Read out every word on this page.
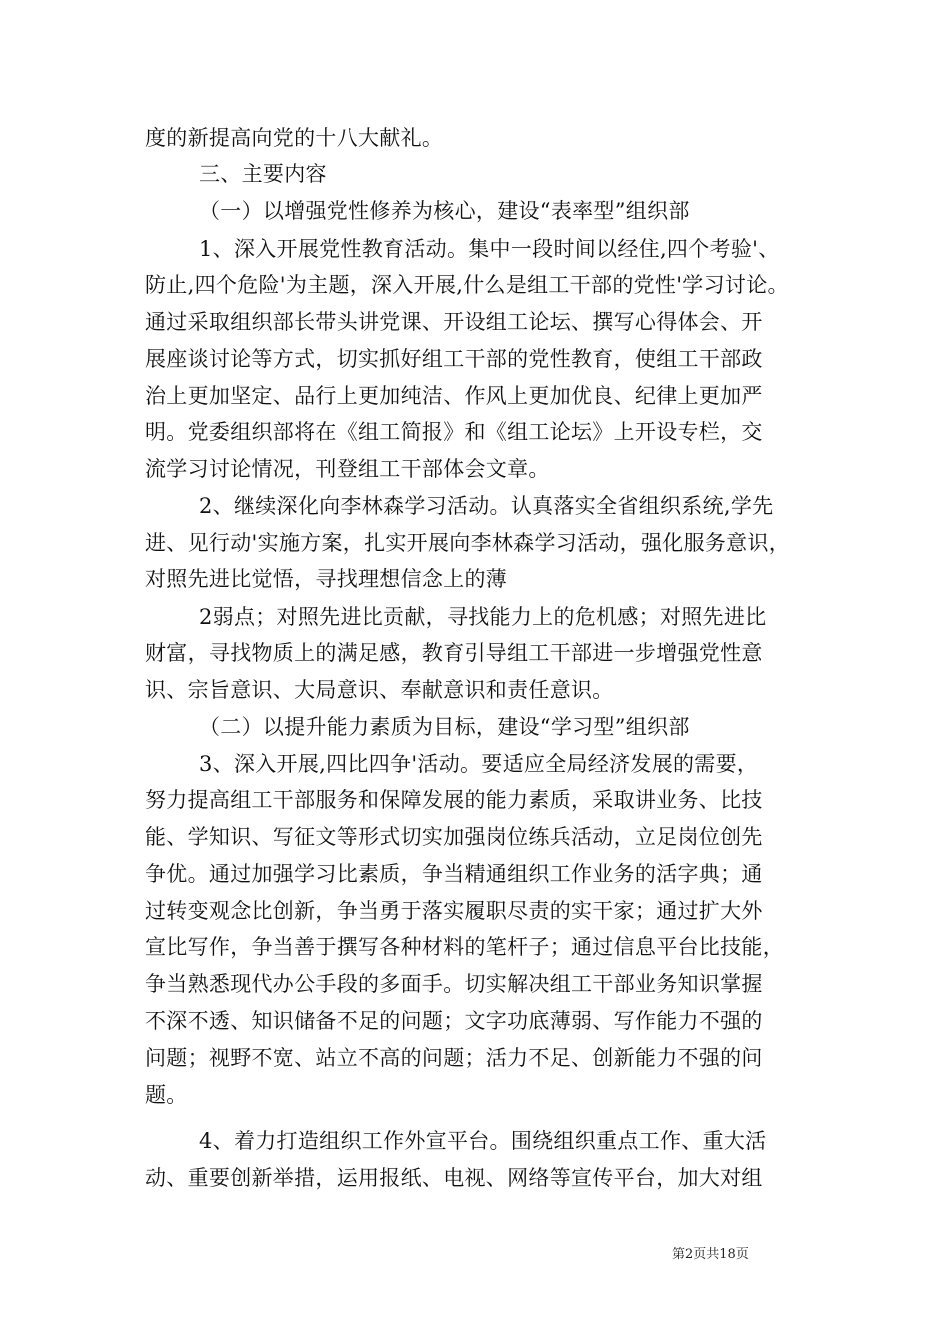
度的新提高向党的十八大献礼。
三、主要内容
（一）以增强党性修养为核心，建设“表率型”组织部
1、深入开展党性教育活动。集中一段时间以经住,四个考验'、
防止,四个危险'为主题，深入开展,什么是组工干部的党性'学习讨论。
通过采取组织部长带头讲党课、开设组工论坛、撰写心得体会、开
展座谈讨论等方式，切实抓好组工干部的党性教育，使组工干部政
治上更加坚定、品行上更加纯洁、作风上更加优良、纪律上更加严
明。党委组织部将在《组工简报》和《组工论坛》上开设专栏，交
流学习讨论情况，刊登组工干部体会文章。
2、继续深化向李林森学习活动。认真落实全省组织系统,学先
进、见行动'实施方案，扎实开展向李林森学习活动，强化服务意识，
对照先进比觉悟，寻找理想信念上的薄
2弱点；对照先进比贡献，寻找能力上的危机感；对照先进比
财富，寻找物质上的满足感，教育引导组工干部进一步增强党性意
识、宗旨意识、大局意识、奉献意识和责任意识。
（二）以提升能力素质为目标，建设“学习型”组织部
3、深入开展,四比四争'活动。要适应全局经济发展的需要，
努力提高组工干部服务和保障发展的能力素质，采取讲业务、比技
能、学知识、写征文等形式切实加强岗位练兵活动，立足岗位创先
争优。通过加强学习比素质，争当精通组织工作业务的活字典；通
过转变观念比创新，争当勇于落实履职尽责的实干家；通过扩大外
宣比写作，争当善于撰写各种材料的笔杆子；通过信息平台比技能，
争当熟悉现代办公手段的多面手。切实解决组工干部业务知识掌握
不深不透、知识储备不足的问题；文字功底薄弱、写作能力不强的
问题；视野不宽、站立不高的问题；活力不足、创新能力不强的问
题。
4、着力打造组织工作外宣平台。围绕组织重点工作、重大活
动、重要创新举措，运用报纸、电视、网络等宣传平台，加大对组
第2页共18页
